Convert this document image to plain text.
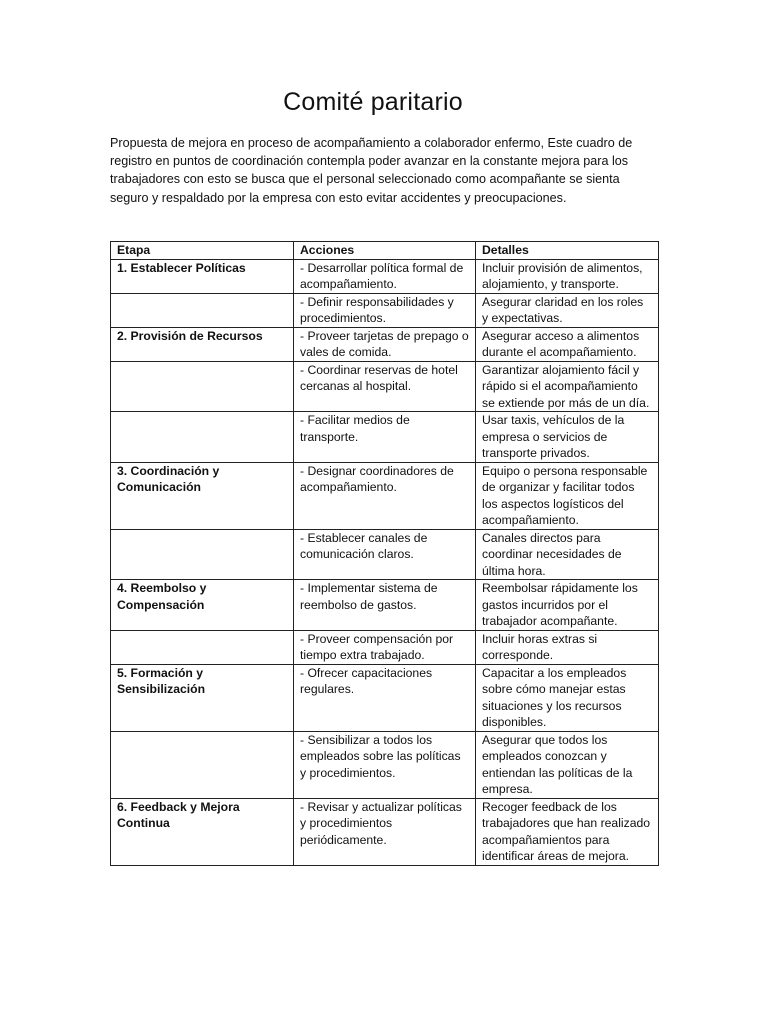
Comité paritario
Propuesta de mejora en proceso de acompañamiento a colaborador enfermo, Este cuadro de registro en puntos de coordinación contempla poder avanzar en la constante mejora para los trabajadores con esto se busca que el personal seleccionado como acompañante se sienta seguro y respaldado por la empresa con esto evitar accidentes y preocupaciones.
Etapa	Acciones	Detalles
1. Establecer Políticas	- Desarrollar política formal de acompañamiento.	Incluir provisión de alimentos, alojamiento, y transporte.
	- Definir responsabilidades y procedimientos.	Asegurar claridad en los roles y expectativas.
2. Provisión de Recursos	- Proveer tarjetas de prepago o vales de comida.	Asegurar acceso a alimentos durante el acompañamiento.
	- Coordinar reservas de hotel cercanas al hospital.	Garantizar alojamiento fácil y rápido si el acompañamiento se extiende por más de un día.
	- Facilitar medios de transporte.	Usar taxis, vehículos de la empresa o servicios de transporte privados.
3. Coordinación y Comunicación	- Designar coordinadores de acompañamiento.	Equipo o persona responsable de organizar y facilitar todos los aspectos logísticos del acompañamiento.
	- Establecer canales de comunicación claros.	Canales directos para coordinar necesidades de última hora.
4. Reembolso y Compensación	- Implementar sistema de reembolso de gastos.	Reembolsar rápidamente los gastos incurridos por el trabajador acompañante.
	- Proveer compensación por tiempo extra trabajado.	Incluir horas extras si corresponde.
5. Formación y Sensibilización	- Ofrecer capacitaciones regulares.	Capacitar a los empleados sobre cómo manejar estas situaciones y los recursos disponibles.
	- Sensibilizar a todos los empleados sobre las políticas y procedimientos.	Asegurar que todos los empleados conozcan y entiendan las políticas de la empresa.
6. Feedback y Mejora Continua	- Revisar y actualizar políticas y procedimientos periódicamente.	Recoger feedback de los trabajadores que han realizado acompañamientos para identificar áreas de mejora.
